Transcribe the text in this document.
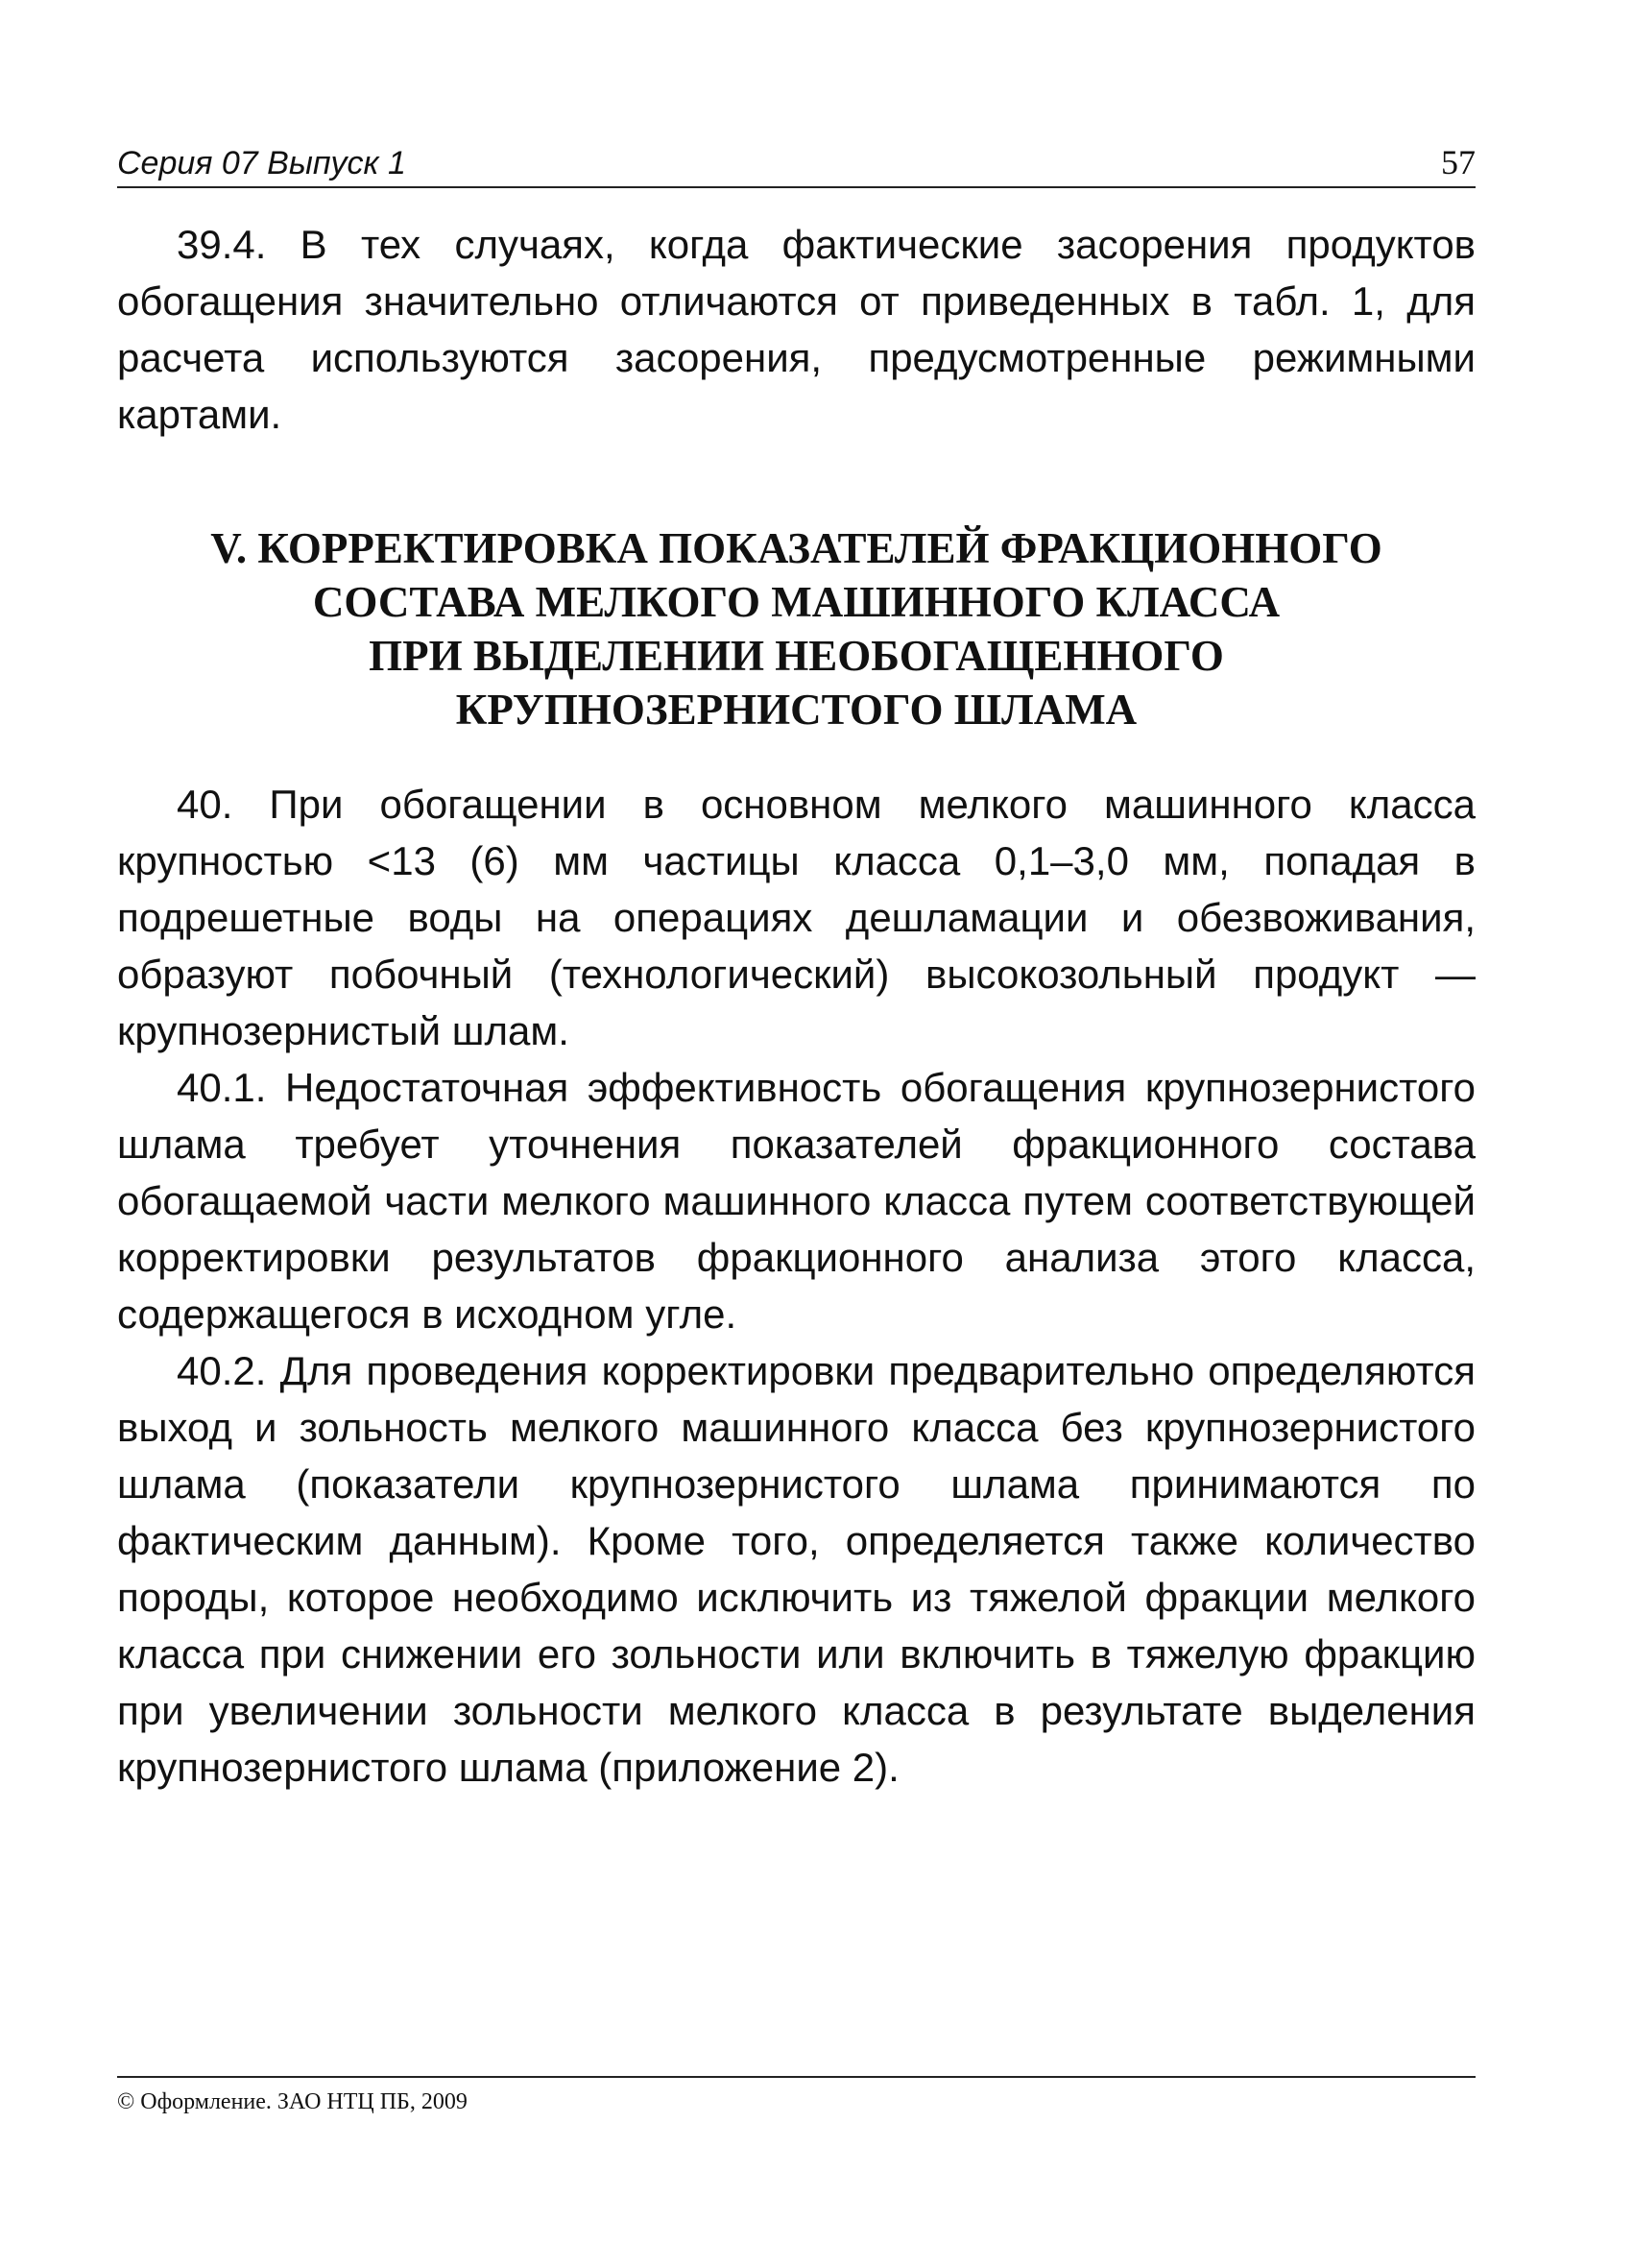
Серия 07 Выпуск 1	57

39.4. В тех случаях, когда фактические засорения продуктов обогащения значительно отличаются от приведенных в табл. 1, для расчета используются засорения, предусмотренные режимными картами.

V. КОРРЕКТИРОВКА ПОКАЗАТЕЛЕЙ ФРАКЦИОННОГО
СОСТАВА МЕЛКОГО МАШИННОГО КЛАССА
ПРИ ВЫДЕЛЕНИИ НЕОБОГАЩЕННОГО
КРУПНОЗЕРНИСТОГО ШЛАМА

40. При обогащении в основном мелкого машинного класса крупностью <13 (6) мм частицы класса 0,1–3,0 мм, попадая в подрешетные воды на операциях дешламации и обезвоживания, образуют побочный (технологический) высокозольный продукт — крупнозернистый шлам.

40.1. Недостаточная эффективность обогащения крупнозернистого шлама требует уточнения показателей фракционного состава обогащаемой части мелкого машинного класса путем соответствующей корректировки результатов фракционного анализа этого класса, содержащегося в исходном угле.

40.2. Для проведения корректировки предварительно определяются выход и зольность мелкого машинного класса без крупнозернистого шлама (показатели крупнозернистого шлама принимаются по фактическим данным). Кроме того, определяется также количество породы, которое необходимо исключить из тяжелой фракции мелкого класса при снижении его зольности или включить в тяжелую фракцию при увеличении зольности мелкого класса в результате выделения крупнозернистого шлама (приложение 2).

© Оформление. ЗАО НТЦ ПБ, 2009
